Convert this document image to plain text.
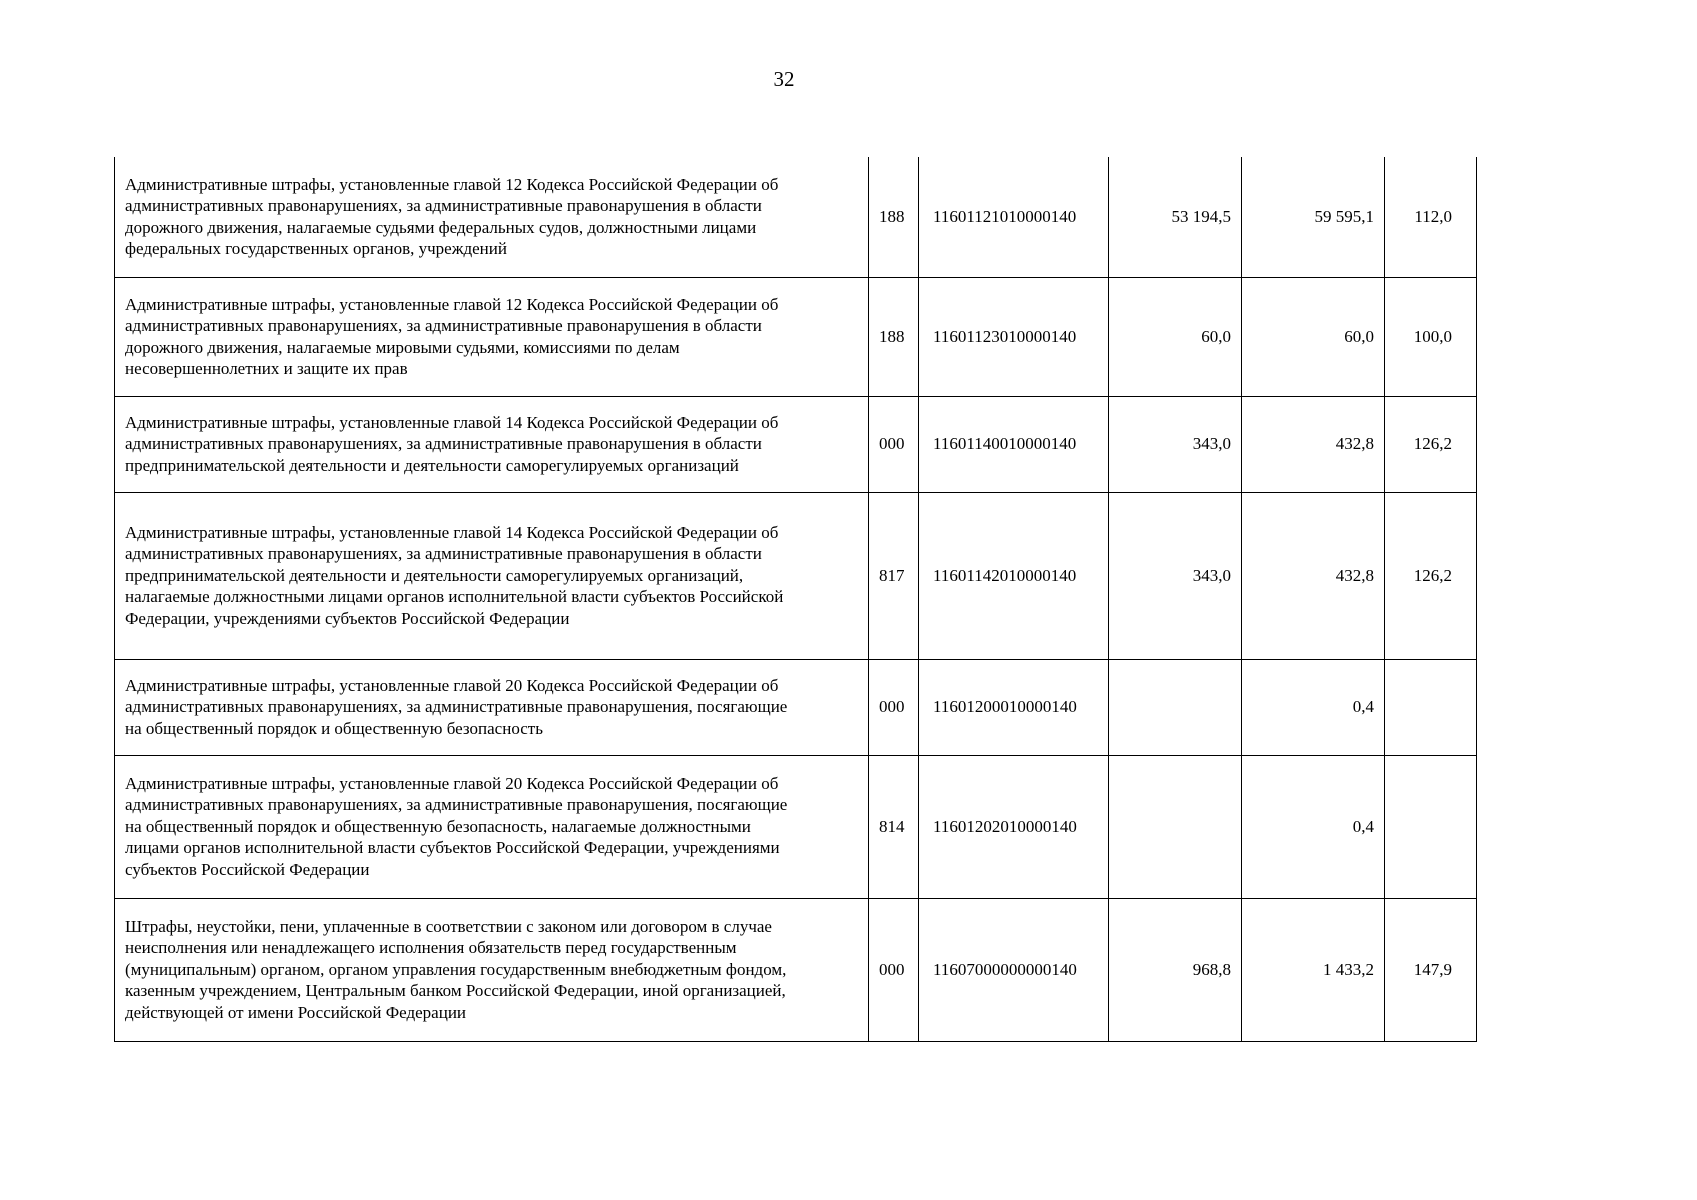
32
Административные штрафы, установленные главой 12 Кодекса Российской Федерации об
административных правонарушениях, за административные правонарушения в области
дорожного движения, налагаемые судьями федеральных судов, должностными лицами
федеральных государственных органов, учреждений	188	11601121010000140	53 194,5	59 595,1	112,0

Административные штрафы, установленные главой 12 Кодекса Российской Федерации об
административных правонарушениях, за административные правонарушения в области
дорожного движения, налагаемые мировыми судьями, комиссиями по делам
несовершеннолетних и защите их прав	188	11601123010000140	60,0	60,0	100,0

Административные штрафы, установленные главой 14 Кодекса Российской Федерации об
административных правонарушениях, за административные правонарушения в области
предпринимательской деятельности и деятельности саморегулируемых организаций	000	11601140010000140	343,0	432,8	126,2

Административные штрафы, установленные главой 14 Кодекса Российской Федерации об
административных правонарушениях, за административные правонарушения в области
предпринимательской деятельности и деятельности саморегулируемых организаций,
налагаемые должностными лицами органов исполнительной власти субъектов Российской
Федерации, учреждениями субъектов Российской Федерации	817	11601142010000140	343,0	432,8	126,2

Административные штрафы, установленные главой 20 Кодекса Российской Федерации об
административных правонарушениях, за административные правонарушения, посягающие
на общественный порядок и общественную безопасность	000	11601200010000140		0,4	

Административные штрафы, установленные главой 20 Кодекса Российской Федерации об
административных правонарушениях, за административные правонарушения, посягающие
на общественный порядок и общественную безопасность, налагаемые должностными
лицами органов исполнительной власти субъектов Российской Федерации, учреждениями
субъектов Российской Федерации	814	11601202010000140		0,4	

Штрафы, неустойки, пени, уплаченные в соответствии с законом или договором в случае
неисполнения или ненадлежащего исполнения обязательств перед государственным
(муниципальным) органом, органом управления государственным внебюджетным фондом,
казенным учреждением, Центральным банком Российской Федерации, иной организацией,
действующей от имени Российской Федерации	000	11607000000000140	968,8	1 433,2	147,9
